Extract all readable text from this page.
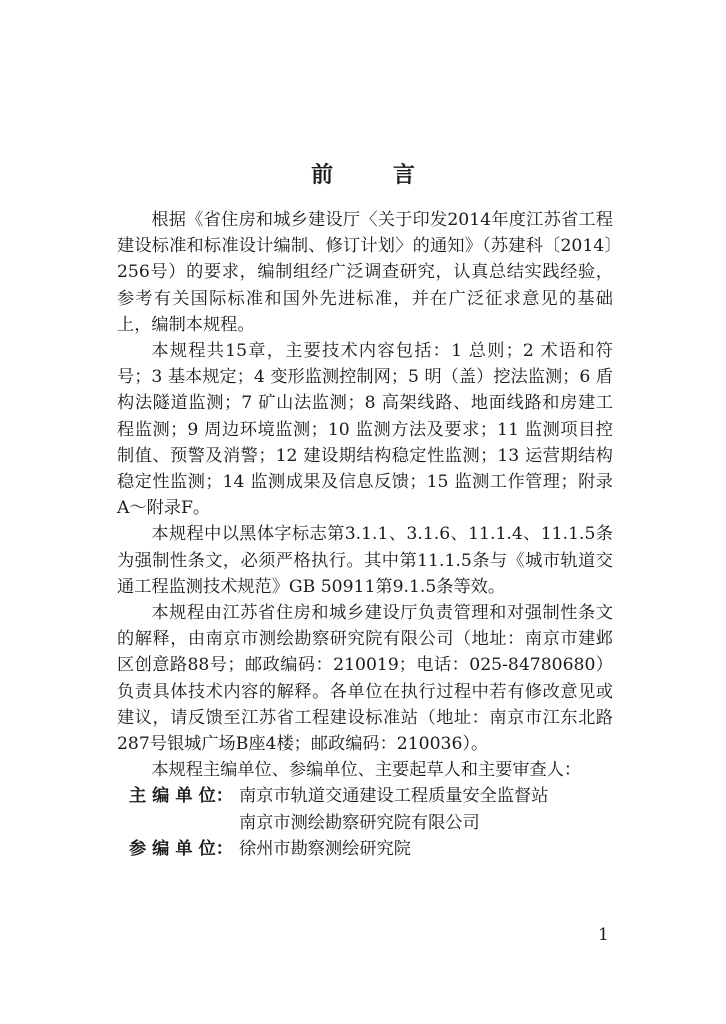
前 言

根据《省住房和城乡建设厅〈关于印发2014年度江苏省工程建设标准和标准设计编制、修订计划〉的通知》（苏建科〔2014〕256号）的要求，编制组经广泛调查研究，认真总结实践经验，参考有关国际标准和国外先进标准，并在广泛征求意见的基础上，编制本规程。

本规程共15章，主要技术内容包括：1 总则；2 术语和符号；3 基本规定；4 变形监测控制网；5 明（盖）挖法监测；6 盾构法隧道监测；7 矿山法监测；8 高架线路、地面线路和房建工程监测；9 周边环境监测；10 监测方法及要求；11 监测项目控制值、预警及消警；12 建设期结构稳定性监测；13 运营期结构稳定性监测；14 监测成果及信息反馈；15 监测工作管理；附录A～附录F。

本规程中以黑体字标志第3.1.1、3.1.6、11.1.4、11.1.5条为强制性条文，必须严格执行。其中第11.1.5条与《城市轨道交通工程监测技术规范》GB 50911第9.1.5条等效。

本规程由江苏省住房和城乡建设厅负责管理和对强制性条文的解释，由南京市测绘勘察研究院有限公司（地址：南京市建邺区创意路88号；邮政编码：210019；电话：025-84780680）负责具体技术内容的解释。各单位在执行过程中若有修改意见或建议，请反馈至江苏省工程建设标准站（地址：南京市江东北路287号银城广场B座4楼；邮政编码：210036）。

本规程主编单位、参编单位、主要起草人和主要审查人：

主 编 单 位： 南京市轨道交通建设工程质量安全监督站
南京市测绘勘察研究院有限公司
参 编 单 位： 徐州市勘察测绘研究院
1
